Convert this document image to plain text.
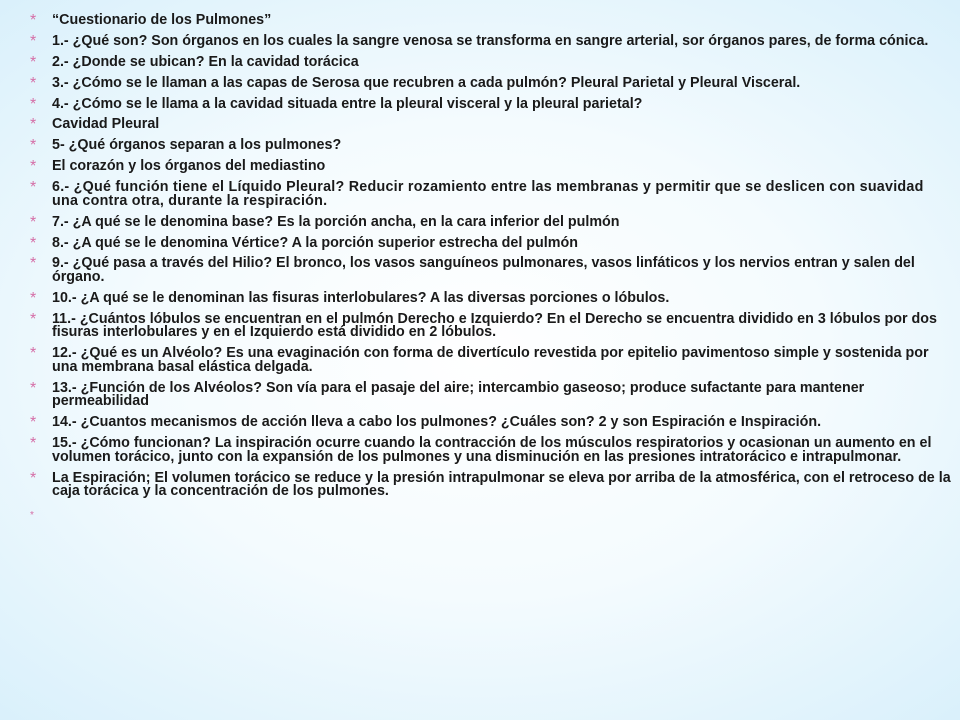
* “Cuestionario de los Pulmones”
* 1.- ¿Qué son? Son órganos en los cuales la sangre venosa se transforma en sangre arterial, sor órganos pares, de forma cónica.
* 2.- ¿Donde se ubican? En la cavidad torácica
* 3.- ¿Cómo se le llaman a las capas de Serosa que recubren a cada pulmón? Pleural Parietal y Pleural Visceral.
* 4.- ¿Cómo se le llama a la cavidad situada entre la pleural visceral y la pleural parietal?
* Cavidad Pleural
* 5- ¿Qué órganos separan a los pulmones?
* El corazón y los órganos del mediastino
* 6.- ¿Qué función tiene el Líquido Pleural? Reducir rozamiento entre las membranas y permitir que se deslicen con suavidad una contra otra, durante la respiración.
* 7.- ¿A qué se le denomina base? Es la porción ancha, en la cara inferior del pulmón
* 8.- ¿A qué se le denomina Vértice? A la porción superior estrecha del pulmón
* 9.- ¿Qué pasa a través del Hilio? El bronco, los vasos sanguíneos pulmonares, vasos linfáticos y los nervios entran y salen del órgano.
* 10.- ¿A qué se le denominan las fisuras interlobulares? A las diversas porciones o lóbulos.
* 11.- ¿Cuántos lóbulos se encuentran en el pulmón Derecho e Izquierdo? En el Derecho se encuentra dividido en 3 lóbulos por dos fisuras interlobulares y en el Izquierdo está dividido en 2 lóbulos.
* 12.- ¿Qué es un Alvéolo? Es una evaginación con forma de divertículo revestida por epitelio pavimentoso simple y sostenida por una membrana basal elástica delgada.
* 13.- ¿Función de los Alvéolos? Son vía para el pasaje del aire; intercambio gaseoso; produce sufactante para mantener permeabilidad
* 14.- ¿Cuantos mecanismos de acción lleva a cabo los pulmones? ¿Cuáles son? 2 y son Espiración e Inspiración.
* 15.- ¿Cómo funcionan? La inspiración ocurre cuando la contracción de los músculos respiratorios y ocasionan un aumento en el volumen torácico, junto con la expansión de los pulmones y una disminución en las presiones intratorácico e intrapulmonar.
* La Espiración; El volumen torácico se reduce y la presión intrapulmonar se eleva por arriba de la atmosférica, con el retroceso de la caja torácica y la concentración de los pulmones.
*
